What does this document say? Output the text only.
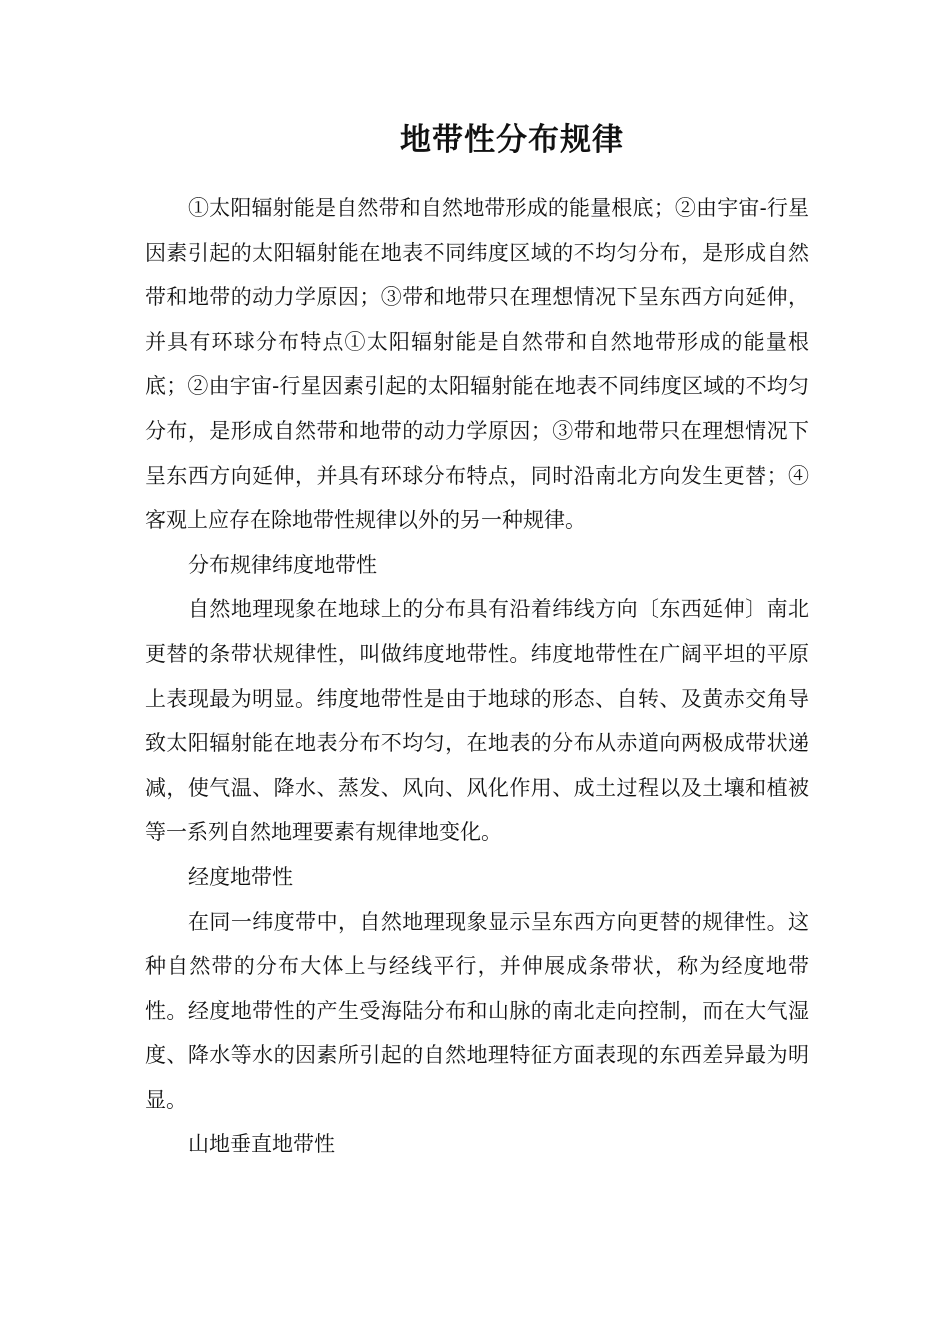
地带性分布规律

①太阳辐射能是自然带和自然地带形成的能量根底；②由宇宙-行星因素引起的太阳辐射能在地表不同纬度区域的不均匀分布，是形成自然带和地带的动力学原因；③带和地带只在理想情况下呈东西方向延伸，并具有环球分布特点①太阳辐射能是自然带和自然地带形成的能量根底；②由宇宙-行星因素引起的太阳辐射能在地表不同纬度区域的不均匀分布，是形成自然带和地带的动力学原因；③带和地带只在理想情况下呈东西方向延伸，并具有环球分布特点，同时沿南北方向发生更替；④客观上应存在除地带性规律以外的另一种规律。

分布规律纬度地带性

自然地理现象在地球上的分布具有沿着纬线方向〔东西延伸〕南北更替的条带状规律性，叫做纬度地带性。纬度地带性在广阔平坦的平原上表现最为明显。纬度地带性是由于地球的形态、自转、及黄赤交角导致太阳辐射能在地表分布不均匀，在地表的分布从赤道向两极成带状递减，使气温、降水、蒸发、风向、风化作用、成土过程以及土壤和植被等一系列自然地理要素有规律地变化。

经度地带性

在同一纬度带中，自然地理现象显示呈东西方向更替的规律性。这种自然带的分布大体上与经线平行，并伸展成条带状，称为经度地带性。经度地带性的产生受海陆分布和山脉的南北走向控制，而在大气湿度、降水等水的因素所引起的自然地理特征方面表现的东西差异最为明显。

山地垂直地带性
